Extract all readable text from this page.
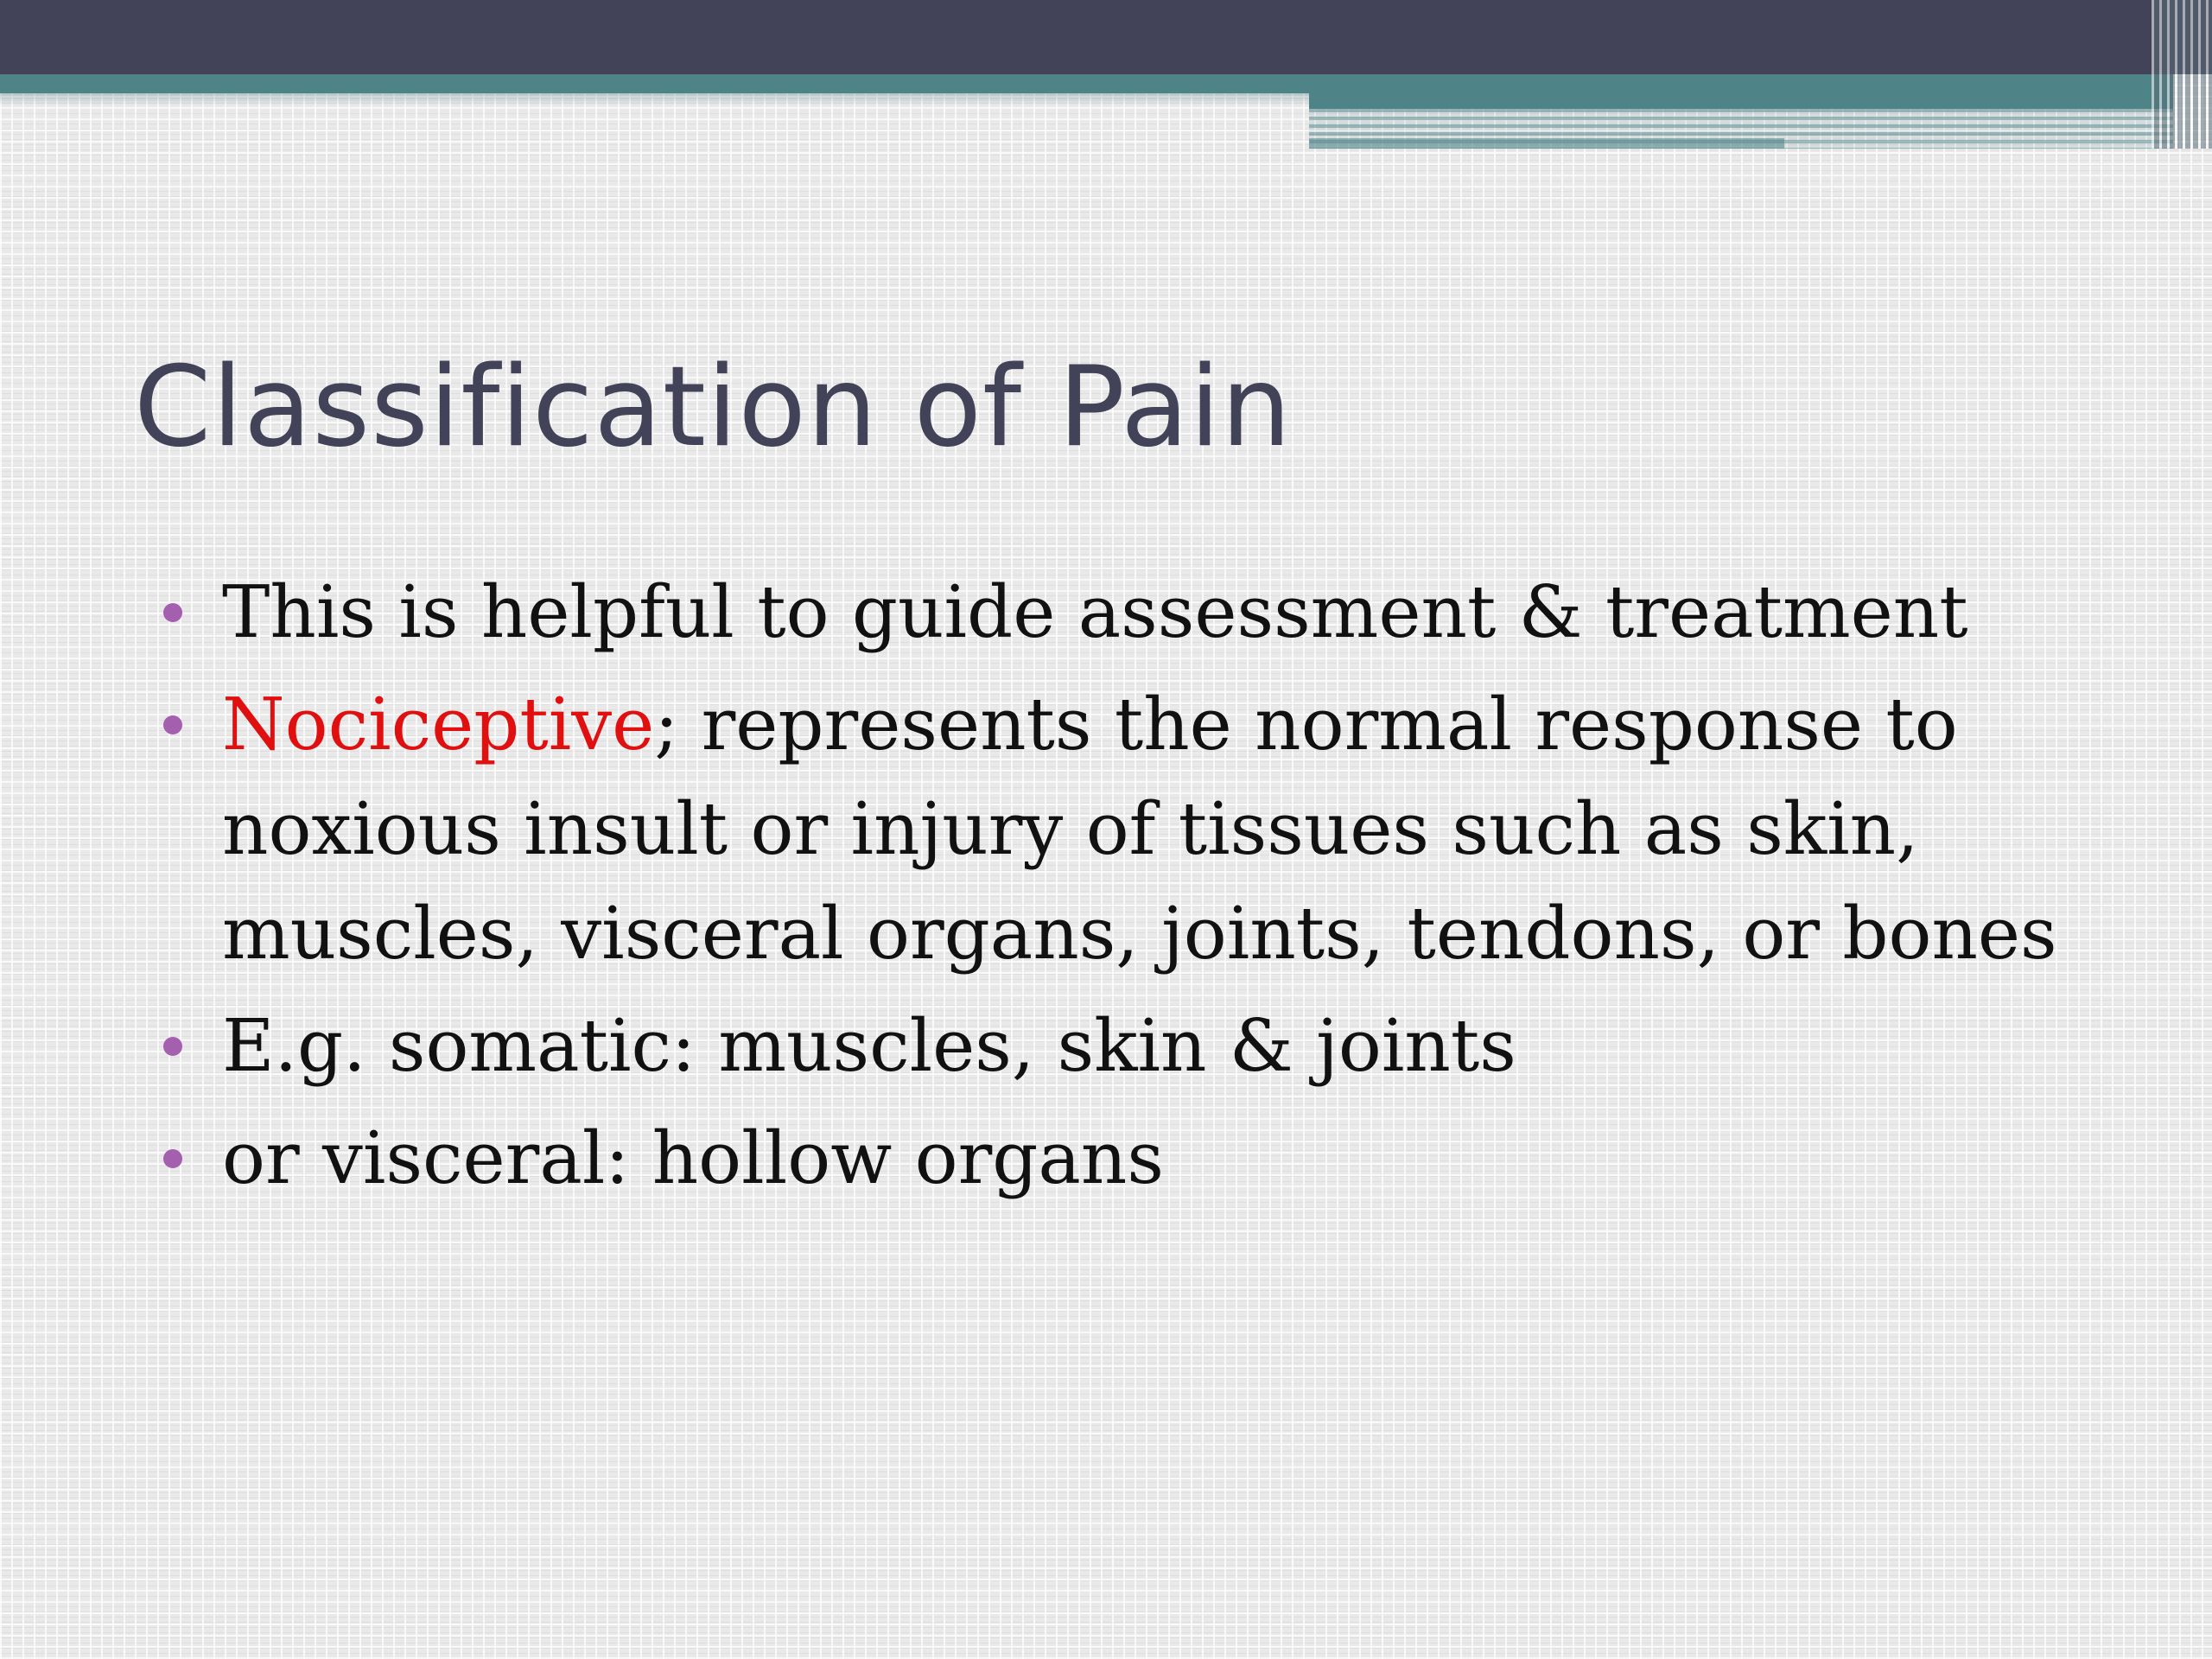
Classification of Pain
This is helpful to guide assessment & treatment
Nociceptive; represents the normal response to noxious insult or injury of tissues such as skin, muscles, visceral organs, joints, tendons, or bones
E.g. somatic: muscles, skin & joints
or visceral: hollow organs
